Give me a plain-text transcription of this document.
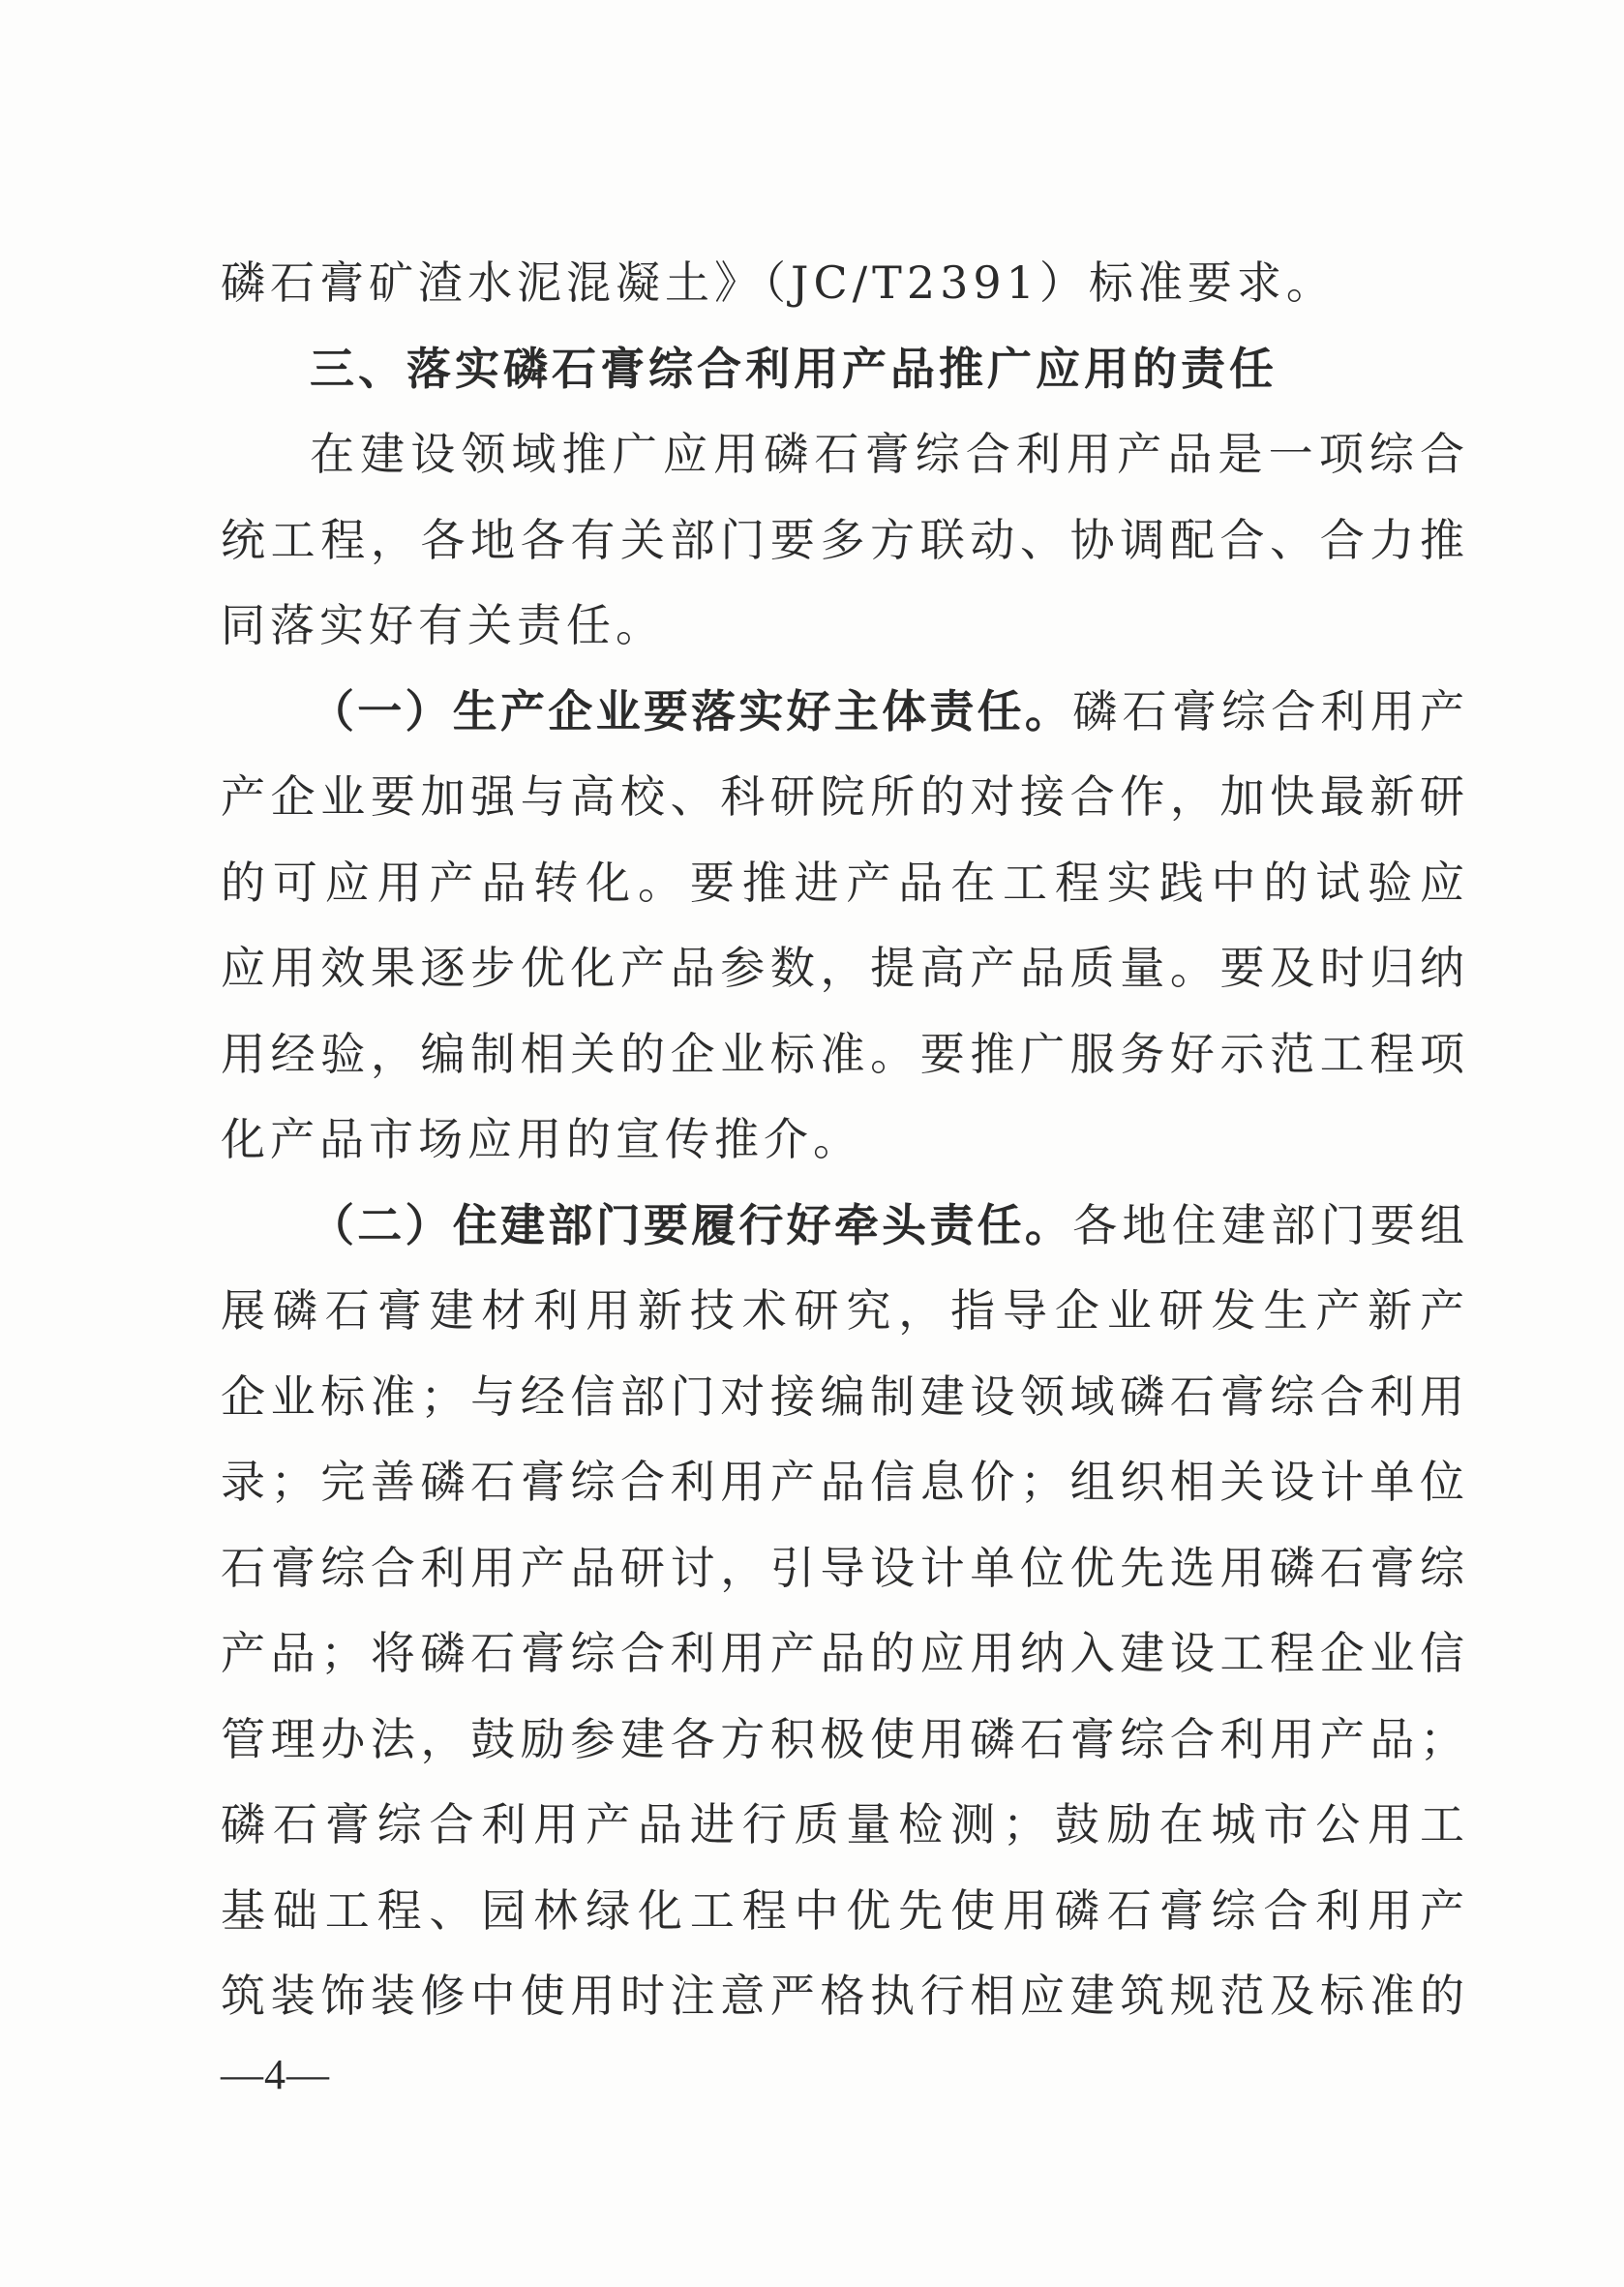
磷石膏矿渣水泥混凝土》（JC/T2391）标准要求。
三、落实磷石膏综合利用产品推广应用的责任
在建设领域推广应用磷石膏综合利用产品是一项综合
统工程，各地各有关部门要多方联动、协调配合、合力推
同落实好有关责任。
（一）生产企业要落实好主体责任。磷石膏综合利用产
产企业要加强与高校、科研院所的对接合作，加快最新研
的可应用产品转化。要推进产品在工程实践中的试验应
应用效果逐步优化产品参数，提高产品质量。要及时归纳
用经验，编制相关的企业标准。要推广服务好示范工程项
化产品市场应用的宣传推介。
（二）住建部门要履行好牵头责任。各地住建部门要组
展磷石膏建材利用新技术研究，指导企业研发生产新产
企业标准；与经信部门对接编制建设领域磷石膏综合利用
录；完善磷石膏综合利用产品信息价；组织相关设计单位
石膏综合利用产品研讨，引导设计单位优先选用磷石膏综
产品；将磷石膏综合利用产品的应用纳入建设工程企业信
管理办法，鼓励参建各方积极使用磷石膏综合利用产品；
磷石膏综合利用产品进行质量检测；鼓励在城市公用工
基础工程、园林绿化工程中优先使用磷石膏综合利用产
筑装饰装修中使用时注意严格执行相应建筑规范及标准的
—4—
